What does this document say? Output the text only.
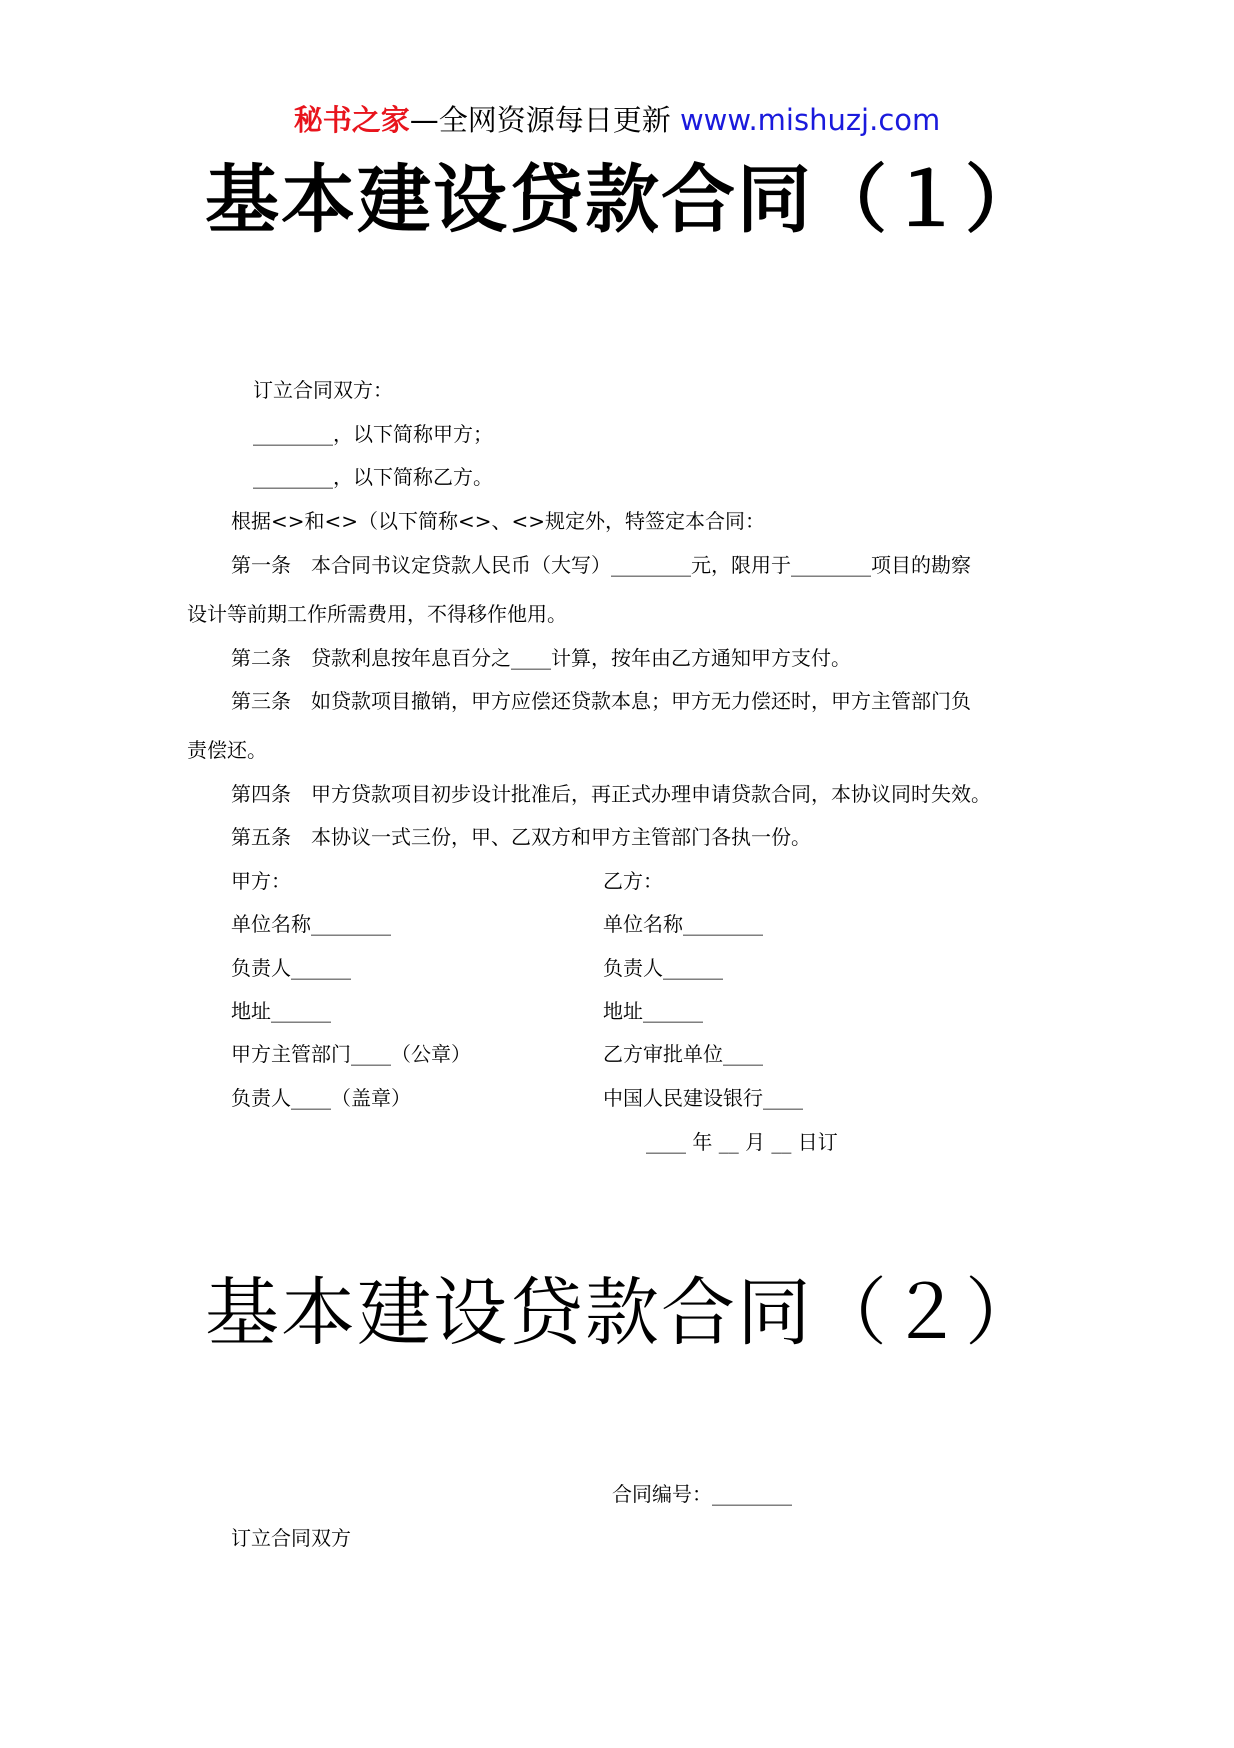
秘书之家—全网资源每日更新 www.mishuzj.com
基本建设贷款合同（１）
订立合同双方：
________，以下简称甲方；
________，以下简称乙方。
根据<>和<>（以下简称<>、<>规定外，特签定本合同：
第一条　本合同书议定贷款人民币（大写）________元，限用于________项目的勘察
设计等前期工作所需费用，不得移作他用。
第二条　贷款利息按年息百分之____计算，按年由乙方通知甲方支付。
第三条　如贷款项目撤销，甲方应偿还贷款本息；甲方无力偿还时，甲方主管部门负
责偿还。
第四条　甲方贷款项目初步设计批准后，再正式办理申请贷款合同，本协议同时失效。
第五条　本协议一式三份，甲、乙双方和甲方主管部门各执一份。
甲方：	乙方：
单位名称________	单位名称________
负责人______	负责人______
地址______	地址______
甲方主管部门____（公章）	乙方审批单位____
负责人____（盖章）	中国人民建设银行____
____ 年 __ 月 __ 日订
基本建设贷款合同（２）
合同编号：________
订立合同双方
